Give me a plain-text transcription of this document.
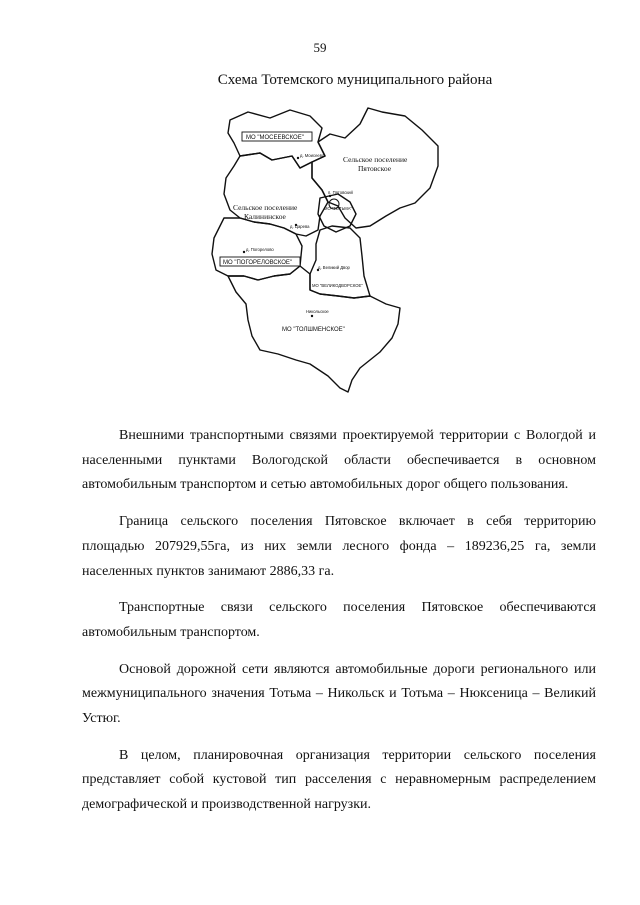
59
Схема Тотемского муниципального района
МО "МОСЕЕВСКОЕ"
Сельское поселение
Пятовское
Сельское поселение
Калининское
МО "ПОГОРЕЛОВСКОЕ"
МО "ВЕЛИКОДВОРСКОЕ"
МО "ТОЛШМЕНСКОЕ"
МО "ТОТЬМА"
д. Моисеево
п. Пятовский
д. Царева
д. Погорелово
д. Великий Двор
Никольское

Внешними транспортными связями проектируемой территории с Вологдой и населенными пунктами Вологодской области обеспечивается в основном автомобильным транспортом и сетью автомобильных дорог общего пользования.

Граница сельского поселения Пятовское включает в себя территорию площадью 207929,55га, из них земли лесного фонда – 189236,25 га, земли населенных пунктов занимают 2886,33 га.

Транспортные связи сельского поселения Пятовское обеспечиваются автомобильным транспортом.

Основой дорожной сети являются автомобильные дороги регионального или межмуниципального значения Тотьма – Никольск и Тотьма – Нюксеница – Великий Устюг.

В целом, планировочная организация территории сельского поселения представляет собой кустовой тип расселения с неравномерным распределением демографической и производственной нагрузки.
